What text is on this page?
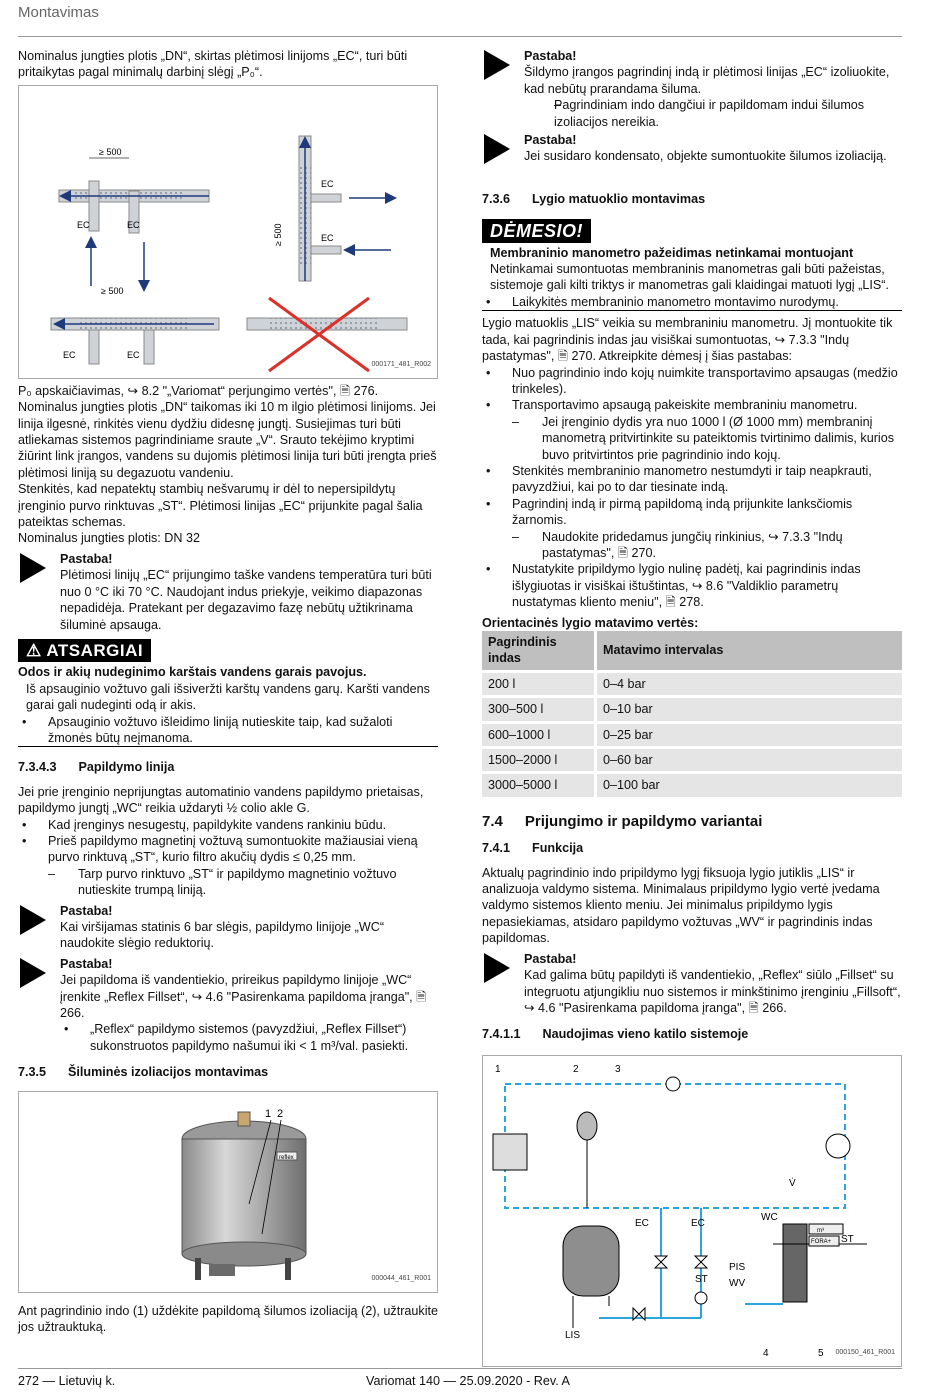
Montavimas

Nominalus jungties plotis „DN“, skirtas plėtimosi linijoms „EC“, turi būti pritaikytas pagal minimalų darbinį slėgį „P₀“.

≥ 500
EC	EC
EC
EC
≥ 500
≥ 500
EC	EC
000171_481_R002

P₀ apskaičiavimas, ↪ 8.2 "„Variomat“ perjungimo vertės", 🗎 276.

Nominalus jungties plotis „DN“ taikomas iki 10 m ilgio plėtimosi linijoms. Jei linija ilgesnė, rinkitės vienu dydžiu didesnę jungtį. Susiejimas turi būti atliekamas sistemos pagrindiniame sraute „V“. Srauto tekėjimo kryptimi žiūrint link įrangos, vandens su dujomis plėtimosi linija turi būti įrengta prieš plėtimosi liniją su degazuotu vandeniu.

Stenkitės, kad nepatektų stambių nešvarumų ir dėl to nepersipildytų įrenginio purvo rinktuvas „ST“. Plėtimosi linijas „EC“ prijunkite pagal šalia pateiktas schemas.

Nominalus jungties plotis: DN 32

Pastaba!
Plėtimosi linijų „EC“ prijungimo taške vandens temperatūra turi būti nuo 0 °C iki 70 °C. Naudojant indus priekyje, veikimo diapazonas nepadidėja. Pratekant per degazavimo fazę nebūtų užtikrinama šiluminė apsauga.
⚠ ATSARGIAI
Odos ir akių nudeginimo karštais vandens garais pavojus.
Iš apsauginio vožtuvo gali išsiveržti karštų vandens garų. Karšti vandens garai gali nudeginti odą ir akis.
• Apsauginio vožtuvo išleidimo liniją nutieskite taip, kad sužaloti žmonės būtų neįmanoma.
7.3.4.3 Papildymo linija

Jei prie įrenginio neprijungtas automatinio vandens papildymo prietaisas, papildymo jungtį „WC“ reikia uždaryti ½ colio akle G.

• Kad įrenginys nesugestų, papildykite vandens rankiniu būdu.
• Prieš papildymo magnetinį vožtuvą sumontuokite mažiausiai vieną purvo rinktuvą „ST“, kurio filtro akučių dydis ≤ 0,25 mm.
– Tarp purvo rinktuvo „ST“ ir papildymo magnetinio vožtuvo nutieskite trumpą liniją.
Pastaba!
Kai viršijamas statinis 6 bar slėgis, papildymo linijoje „WC“ naudokite slėgio reduktorių.
Pastaba!
Jei papildoma iš vandentiekio, prireikus papildymo linijoje „WC“ įrenkite „Reflex Fillset“, ↪ 4.6 "Pasirenkama papildoma įranga", 🗎 266.
• „Reflex“ papildymo sistemos (pavyzdžiui, „Reflex Fillset“) sukonstruotos papildymo našumui iki < 1 m³/val. pasiekti.
7.3.5 Šiluminės izoliacijos montavimas
reflex
1 2
000044_461_R001

Ant pagrindinio indo (1) uždėkite papildomą šilumos izoliaciją (2), užtraukite jos užtrauktuką.

Pastaba!
Šildymo įrangos pagrindinį indą ir plėtimosi linijas „EC“ izoliuokite, kad nebūtų prarandama šiluma.
– Pagrindiniam indo dangčiui ir papildomam indui šilumos izoliacijos nereikia.
Pastaba!
Jei susidaro kondensato, objekte sumontuokite šilumos izoliaciją.
7.3.6 Lygio matuoklio montavimas
DĖMESIO!
Membraninio manometro pažeidimas netinkamai montuojant
Netinkamai sumontuotas membraninis manometras gali būti pažeistas, sistemoje gali kilti triktys ir manometras gali klaidingai matuoti lygį „LIS“.
• Laikykitės membraninio manometro montavimo nurodymų.

Lygio matuoklis „LIS“ veikia su membraniniu manometru. Jį montuokite tik tada, kai pagrindinis indas jau visiškai sumontuotas, ↪ 7.3.3 "Indų pastatymas", 🗎 270. Atkreipkite dėmesį į šias pastabas:

• Nuo pagrindinio indo kojų nuimkite transportavimo apsaugas (medžio trinkeles).
• Transportavimo apsaugą pakeiskite membraniniu manometru.
– Jei įrenginio dydis yra nuo 1000 l (Ø 1000 mm) membraninį manometrą pritvirtinkite su pateiktomis tvirtinimo dalimis, kurios buvo pritvirtintos prie pagrindinio indo kojų.
• Stenkitės membraninio manometro nestumdyti ir taip neapkrauti, pavyzdžiui, kai po to dar tiesinate indą.
• Pagrindinį indą ir pirmą papildomą indą prijunkite lanksčiomis žarnomis.
– Naudokite pridedamus jungčių rinkinius, ↪ 7.3.3 "Indų pastatymas", 🗎 270.
• Nustatykite pripildymo lygio nulinę padėtį, kai pagrindinis indas išlygiuotas ir visiškai ištuštintas, ↪ 8.6 "Valdiklio parametrų nustatymas kliento meniu", 🗎 278.
Orientacinės lygio matavimo vertės:
Pagrindinis indas	Matavimo intervalas
200 l	0–4 bar
300–500 l	0–10 bar
600–1000 l	0–25 bar
1500–2000 l	0–60 bar
3000–5000 l	0–100 bar
7.4 Prijungimo ir papildymo variantai
7.4.1 Funkcija

Aktualų pagrindinio indo pripildymo lygį fiksuoja lygio jutiklis „LIS“ ir analizuoja valdymo sistema. Minimalaus pripildymo lygio vertė įvedama valdymo sistemos kliento meniu. Jei minimalus pripildymo lygis nepasiekiamas, atsidaro papildymo vožtuvas „WV“ ir pagrindinis indas papildomas.

Pastaba!
Kad galima būtų papildyti iš vandentiekio, „Reflex“ siūlo „Fillset“ su integruotu atjungikliu nuo sistemos ir minkštinimo įrenginiu „Fillsoft“, ↪ 4.6 "Pasirenkama papildoma įranga", 🗎 266.
7.4.1.1 Naudojimas vieno katilo sistemoje
1	2	3
4	5
EC	EC
WC
ST
PIS
WV
ST
LIS
V̇
FORA+
m³
000150_461_R001
272 — Lietuvių k.	Variomat 140 — 25.09.2020 - Rev. A
